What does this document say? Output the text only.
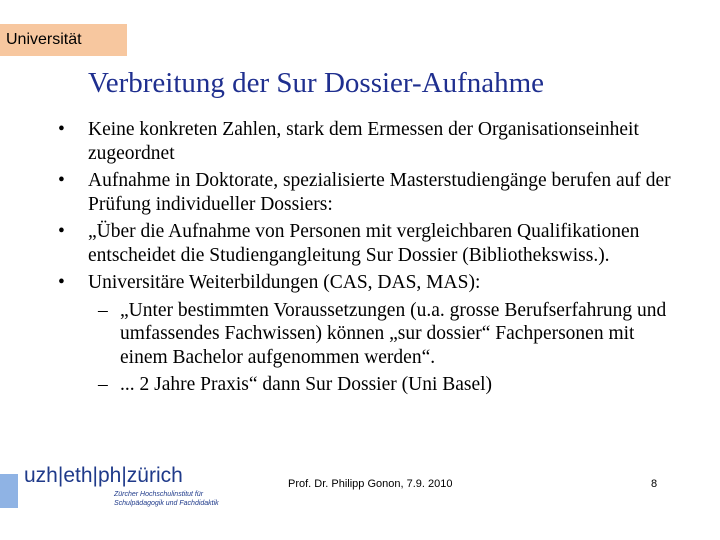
Universität
Verbreitung der Sur Dossier-Aufnahme
• Keine konkreten Zahlen, stark dem Ermessen der Organisationseinheit zugeordnet
• Aufnahme in Doktorate, spezialisierte Masterstudiengänge berufen auf der Prüfung individueller Dossiers:
• „Über die Aufnahme von Personen mit vergleichbaren Qualifikationen entscheidet die Studiengangleitung Sur Dossier (Bibliothekswiss.).
• Universitäre Weiterbildungen (CAS, DAS, MAS):
– „Unter bestimmten Voraussetzungen (u.a. grosse Berufserfahrung und umfassendes Fachwissen) können „sur dossier“ Fachpersonen mit einem Bachelor aufgenommen werden“.
– ... 2 Jahre Praxis“ dann Sur Dossier (Uni Basel)
uzh|eth|ph|zürich
Zürcher Hochschulinstitut für
Schulpädagogik und Fachdidaktik
Prof. Dr. Philipp Gonon, 7.9. 2010	8
